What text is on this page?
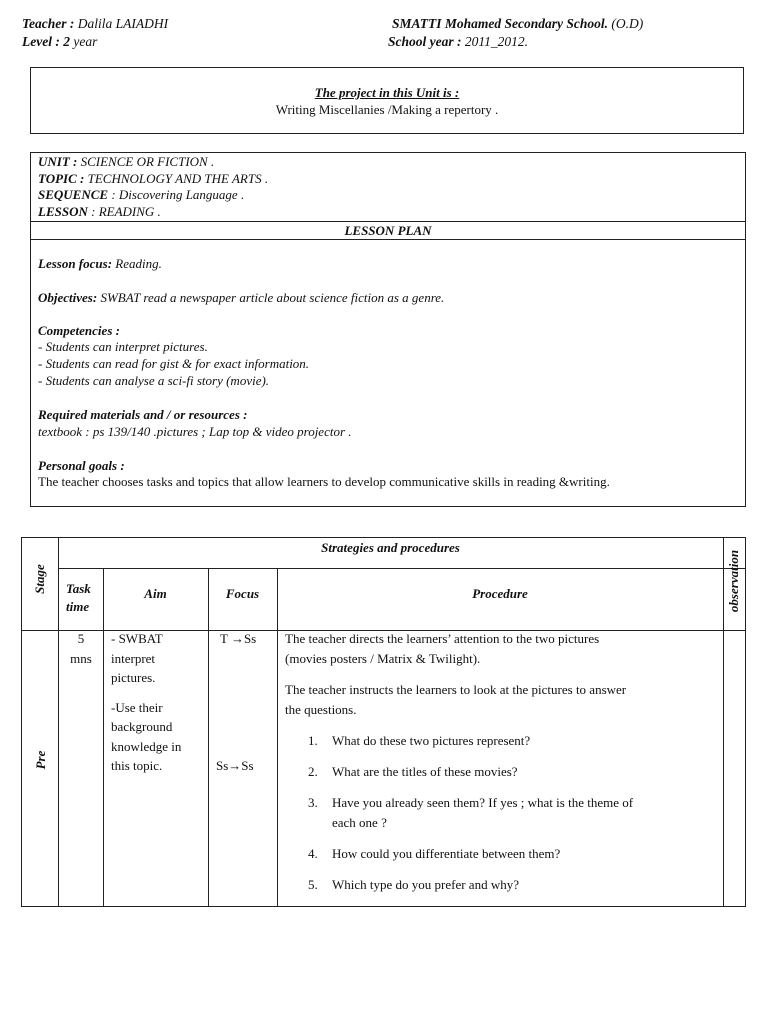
Teacher : Dalila LAIADHI
Level : 2 year
SMATTI Mohamed Secondary School. (O.D)
School year : 2011_2012.
The project in this Unit is :
Writing Miscellanies /Making a repertory .
UNIT : SCIENCE OR FICTION .
TOPIC : TECHNOLOGY AND THE ARTS .
SEQUENCE : Discovering Language .
LESSON : READING .
LESSON PLAN
Lesson focus: Reading.
Objectives: SWBAT read a newspaper article about science fiction as a genre.
Competencies :
- Students can interpret pictures.
- Students can read for gist & for exact information.
- Students can analyse a sci-fi story (movie).
Required materials and / or resources :
textbook : ps 139/140 .pictures ; Lap top & video projector .
Personal goals :
The teacher chooses tasks and topics that allow learners to develop communicative skills in reading &writing.
Stage
Strategies and procedures
observation
Task
time
Aim	Focus	Procedure
Pre
5
mns
- SWBAT
interpret
pictures.
-Use their
background
knowledge in
this topic.
T →Ss
Ss→Ss
The teacher directs the learners’ attention to the two pictures
(movies posters / Matrix & Twilight).
The teacher instructs the learners to look at the pictures to answer
the questions.
1. What do these two pictures represent?
2. What are the titles of these movies?
3. Have you already seen them? If yes ; what is the theme of
each one ?
4. How could you differentiate between them?
5. Which type do you prefer and why?
